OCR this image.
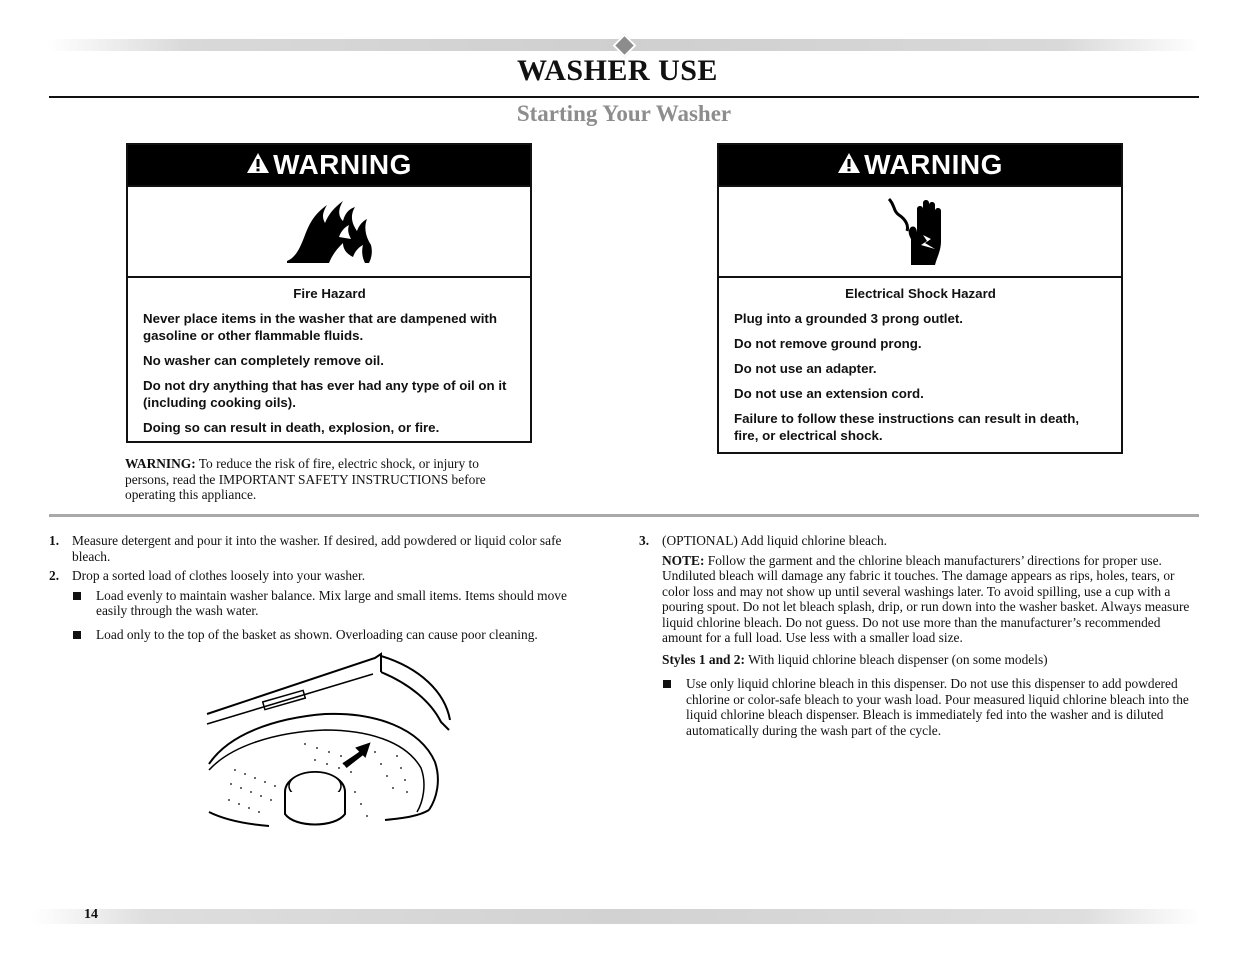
WASHER USE
Starting Your Washer
WARNING
Fire Hazard

Never place items in the washer that are dampened with gasoline or other flammable fluids.

No washer can completely remove oil.

Do not dry anything that has ever had any type of oil on it (including cooking oils).

Doing so can result in death, explosion, or fire.

WARNING
Electrical Shock Hazard

Plug into a grounded 3 prong outlet.

Do not remove ground prong.

Do not use an adapter.

Do not use an extension cord.

Failure to follow these instructions can result in death, fire, or electrical shock.

WARNING: To reduce the risk of fire, electric shock, or injury to persons, read the IMPORTANT SAFETY INSTRUCTIONS before operating this appliance.
1. Measure detergent and pour it into the washer. If desired, add powdered or liquid color safe bleach.
2. Drop a sorted load of clothes loosely into your washer.
Load evenly to maintain washer balance. Mix large and small items. Items should move easily through the wash water.
Load only to the top of the basket as shown. Overloading can cause poor cleaning.
3. (OPTIONAL) Add liquid chlorine bleach.
NOTE: Follow the garment and the chlorine bleach manufacturers’ directions for proper use. Undiluted bleach will damage any fabric it touches. The damage appears as rips, holes, tears, or color loss and may not show up until several washings later. To avoid spilling, use a cup with a pouring spout. Do not let bleach splash, drip, or run down into the washer basket. Always measure liquid chlorine bleach. Do not guess. Do not use more than the manufacturer’s recommended amount for a full load. Use less with a smaller load size.
Styles 1 and 2: With liquid chlorine bleach dispenser (on some models)
Use only liquid chlorine bleach in this dispenser. Do not use this dispenser to add powdered chlorine or color-safe bleach to your wash load. Pour measured liquid chlorine bleach into the liquid chlorine bleach dispenser. Bleach is immediately fed into the washer and is diluted automatically during the wash part of the cycle.
14
